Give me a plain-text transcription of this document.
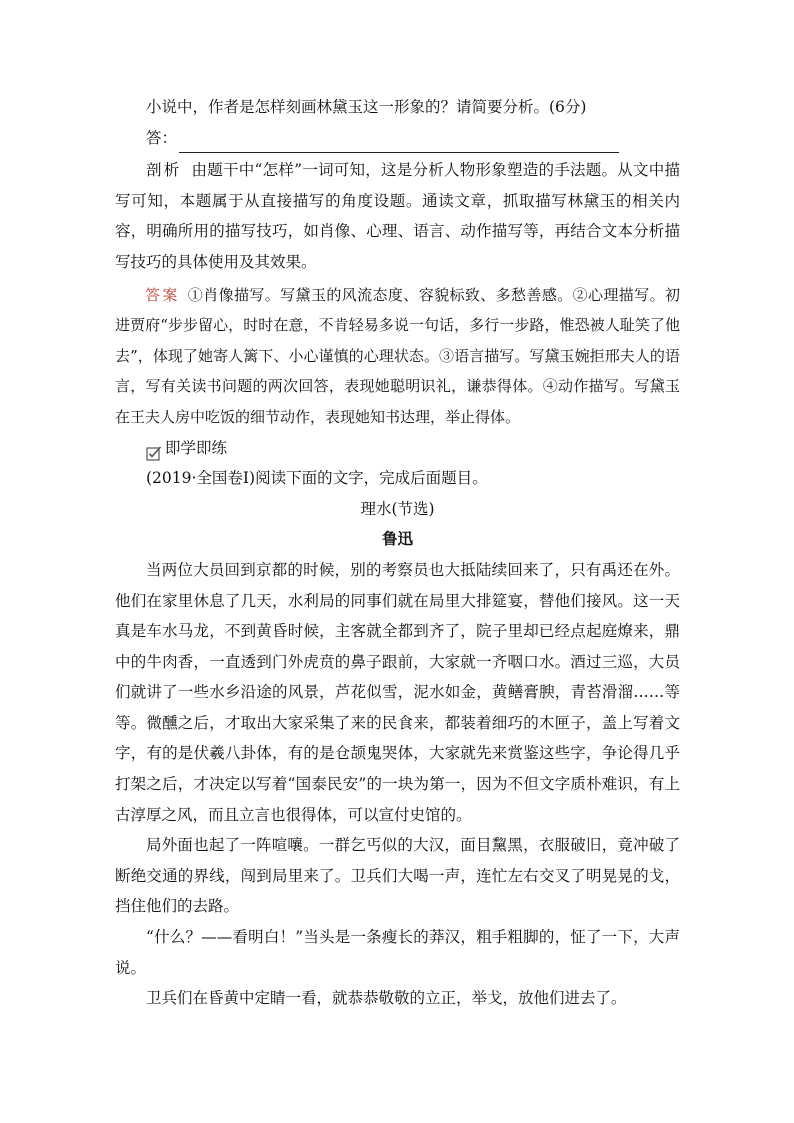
小说中，作者是怎样刻画林黛玉这一形象的？请简要分析。(6分)

答：

剖析 由题干中“怎样”一词可知，这是分析人物形象塑造的手法题。从文中描写可知，本题属于从直接描写的角度设题。通读文章，抓取描写林黛玉的相关内容，明确所用的描写技巧，如肖像、心理、语言、动作描写等，再结合文本分析描写技巧的具体使用及其效果。

答案 ①肖像描写。写黛玉的风流态度、容貌标致、多愁善感。②心理描写。初进贾府“步步留心，时时在意，不肯轻易多说一句话，多行一步路，惟恐被人耻笑了他去”，体现了她寄人篱下、小心谨慎的心理状态。③语言描写。写黛玉婉拒邢夫人的语言，写有关读书问题的两次回答，表现她聪明识礼，谦恭得体。④动作描写。写黛玉在王夫人房中吃饭的细节动作，表现她知书达理，举止得体。

即学即练

(2019·全国卷Ⅰ)阅读下面的文字，完成后面题目。

理水(节选)

鲁迅

当两位大员回到京都的时候，别的考察员也大抵陆续回来了，只有禹还在外。他们在家里休息了几天，水利局的同事们就在局里大排筵宴，替他们接风。这一天真是车水马龙，不到黄昏时候，主客就全都到齐了，院子里却已经点起庭燎来，鼎中的牛肉香，一直透到门外虎贲的鼻子跟前，大家就一齐咽口水。酒过三巡，大员们就讲了一些水乡沿途的风景，芦花似雪，泥水如金，黄鳝膏腴，青苔滑溜……等等。微醺之后，才取出大家采集了来的民食来，都装着细巧的木匣子，盖上写着文字，有的是伏羲八卦体，有的是仓颉鬼哭体，大家就先来赏鉴这些字，争论得几乎打架之后，才决定以写着“国泰民安”的一块为第一，因为不但文字质朴难识，有上古淳厚之风，而且立言也很得体，可以宣付史馆的。

局外面也起了一阵喧嚷。一群乞丐似的大汉，面目黧黑，衣服破旧，竟冲破了断绝交通的界线，闯到局里来了。卫兵们大喝一声，连忙左右交叉了明晃晃的戈，挡住他们的去路。

“什么？——看明白！”当头是一条瘦长的莽汉，粗手粗脚的，怔了一下，大声说。

卫兵们在昏黄中定睛一看，就恭恭敬敬的立正，举戈，放他们进去了。
